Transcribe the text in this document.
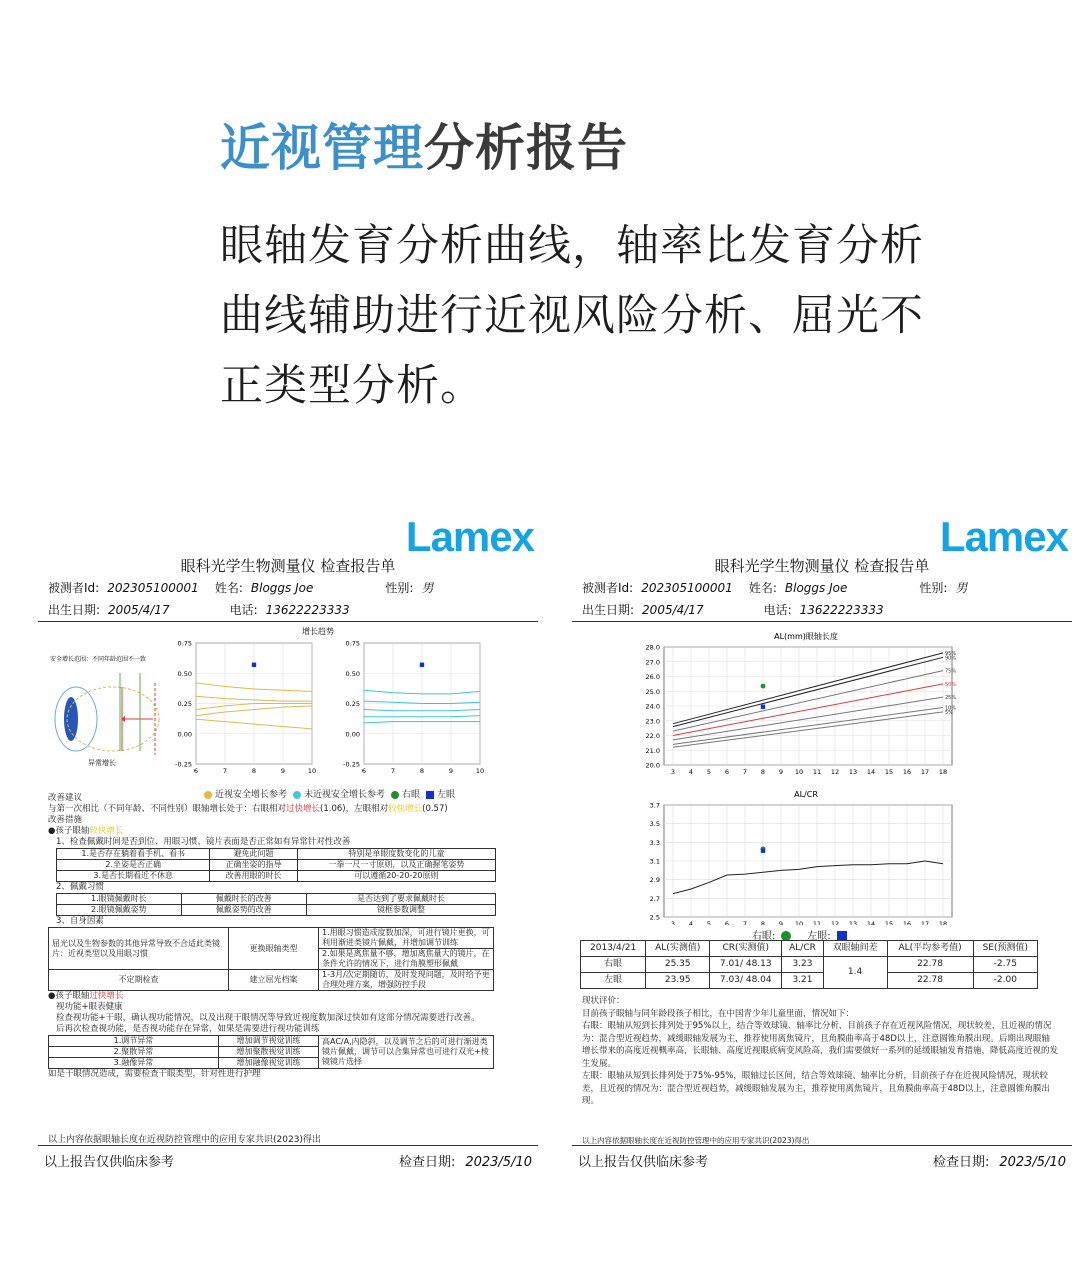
近视管理分析报告
眼轴发育分析曲线，轴率比发育分析
曲线辅助进行近视风险分析、屈光不
正类型分析。
Lamex
眼科光学生物测量仪 检查报告单
被测者Id: 202305100001 姓名: Bloggs Joe	性别: 男
出生日期: 2005/4/17	电话: 13622223333
增长趋势
安全增长范围：不同年龄范围不一致
异常增长
6	7	8	9	10
-0.25
0.00
0.25
0.50
0.75
6	7	8	9	10
-0.25
0.00
0.25
0.50
0.75
近视安全增长参考 未近视安全增长参考 右眼 左眼
改善建议
与第一次相比（不同年龄、不同性别）眼轴增长处于：右眼相对过快增长(1.06)，左眼相对较快增长(0.57)
改善措施
●孩子眼轴较快增长
1、检查佩戴时间是否到位、用眼习惯、镜片表面是否正常如有异常针对性改善
1.是否存在躺着看手机、看书	避免此问题	特别是单眼度数变化的儿童
2.坐姿是否正确	正确坐姿的指导	一拳一尺一寸原则，以及正确握笔姿势
3.是否长期看近不休息	改善用眼的时长	可以遵循20-20-20原则
2、佩戴习惯
1.眼镜佩戴时长	佩戴时长的改善	是否达到了要求佩戴时长
2.眼镜佩戴姿势	佩戴姿势的改善	镜框参数调整
3、自身因素
屈光以及生物参数的其他异常导致不合适此类镜片：近视类型以及用眼习惯	更换眼轴类型	1.用眼习惯造成度数加深，可进行镜片更换，可利用渐进类镜片佩戴，并增加调节训练
		2.如果是离焦量不够，增加离焦量大的镜片，在条件允许的情况下，进行角膜塑形佩戴
不定期检查	建立屈光档案	1-3月/次定期随访，及时发现问题，及时给予更合理处理方案，增强防控手段
●孩子眼轴过快增长
视功能+眼表健康
检查视功能+干眼，确认视功能情况，以及出现干眼情况等导致近视度数加深过快如有这部分情况需要进行改善。
后再次检查视功能，是否视功能存在异常，如果是需要进行视功能训练
1.调节异常	增加调节视觉训练	高AC/A,内隐斜，以及调节之后的可进行渐进类镜片佩戴，调节可以合集异常也可进行双光+棱镜镜片选择
2.聚散异常	增加聚散视觉训练	
3.融像异常	增加融像视觉训练	
如是干眼情况造成，需要检查干眼类型，针对性进行护理
以上内容依据眼轴长度在近视防控管理中的应用专家共识(2023)得出
以上报告仅供临床参考	检查日期: 2023/5/10
Lamex
眼科光学生物测量仪 检查报告单
被测者Id: 202305100001 姓名: Bloggs Joe	性别: 男
出生日期: 2005/4/17	电话: 13622223333
AL(mm)眼轴长度
3 4 5 6 7 8 9 10 11 12 13 14 15 16 17 18
20.0
21.0
22.0
23.0
24.0
25.0
26.0
27.0
28.0
95%
90%
75%
50%
25%
10%
5%
AL/CR
3 4 5 6 7 8 9 10 11 12 13 14 15 16 17 18
2.5
2.7
2.9
3.1
3.3
3.5
3.7
右眼:	左眼:
2013/4/21	AL(实测值)	CR(实测值)	AL/CR	双眼轴间差	AL(平均参考值)	SE(预测值)
右眼	25.35	7.01/ 48.13	3.23	1.4	22.78	-2.75
左眼	23.95	7.03/ 48.04	3.21		22.78	-2.00
现状评价：
目前孩子眼轴与同年龄段孩子相比，在中国青少年儿童里面，情况如下：
右眼：眼轴从短到长排列处于95%以上，结合等效球镜、轴率比分析，目前孩子存在近视风险情况，现状较差，且近视的情况为：混合型近视趋势，减缓眼轴发展为主，推荐使用离焦镜片，且角膜曲率高于48D以上，注意圆锥角膜出现。后期出现眼轴增长带来的高度近视概率高，长眼轴、高度近视眼底病变风险高，我们需要做好一系列的延缓眼轴发育措施，降低高度近视的发生发展。
左眼：眼轴从短到长排列处于75%-95%，眼轴过长区间，结合等效球镜、轴率比分析，目前孩子存在近视风险情况，现状较差，且近视的情况为：混合型近视趋势，减缓眼轴发展为主，推荐使用离焦镜片，且角膜曲率高于48D以上，注意圆锥角膜出现。
以上内容依据眼轴长度在近视防控管理中的应用专家共识(2023)得出
以上报告仅供临床参考	检查日期: 2023/5/10
